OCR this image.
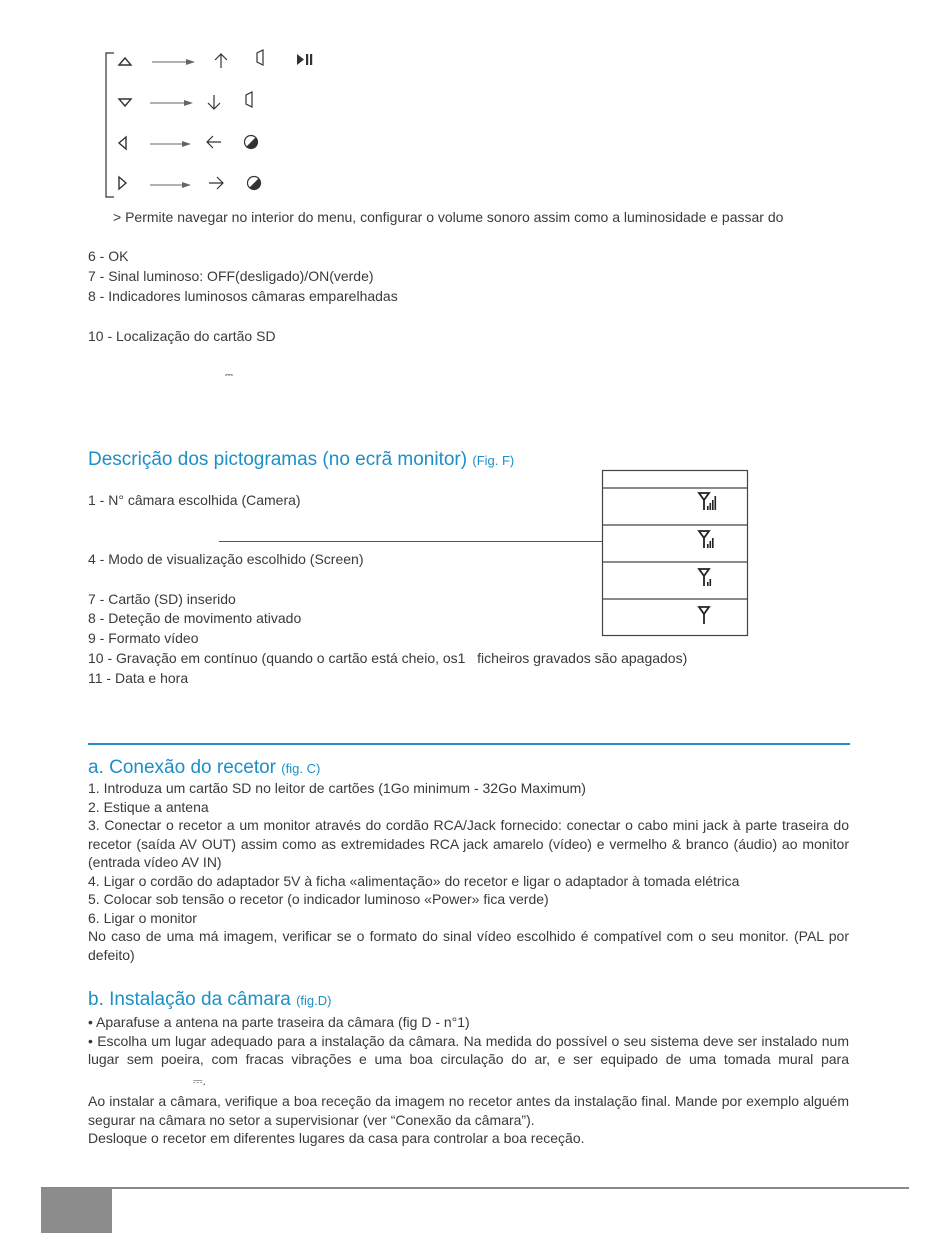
> Permite navegar no interior do menu, configurar o volume sonoro assim como a luminosidade e passar do
6 - OK
7 - Sinal luminoso: OFF(desligado)/ON(verde)
8 - Indicadores luminosos câmaras emparelhadas
10 - Localização do cartão SD
⎓
Descrição dos pictogramas (no ecrã monitor) (Fig. F)
1 - N° câmara escolhida (Camera)
4 - Modo de visualização escolhido (Screen)
7 - Cartão (SD) inserido
8 - Deteção de movimento ativado
9 - Formato vídeo
10 - Gravação em contínuo (quando o cartão está cheio, os1   ficheiros gravados são apagados)
11 - Data e hora
a. Conexão do recetor (fig. C)
1. Introduza um cartão SD no leitor de cartões (1Go minimum - 32Go Maximum)
2. Estique a antena
3. Conectar o recetor a um monitor através do cordão RCA/Jack fornecido: conectar o cabo mini jack à parte traseira do recetor (saída AV OUT) assim como as extremidades RCA jack amarelo (vídeo) e vermelho & branco (áudio) ao monitor (entrada vídeo AV IN)
4. Ligar o cordão do adaptador 5V à ficha «alimentação» do recetor e ligar o adaptador à tomada elétrica
5. Colocar sob tensão o recetor (o indicador luminoso «Power» fica verde)
6. Ligar o monitor
No caso de uma má imagem, verificar se o formato do sinal vídeo escolhido é compatível com o seu monitor. (PAL por defeito)
b. Instalação da câmara (fig.D)
• Aparafuse a antena na parte traseira da câmara (fig D - n°1)
• Escolha um lugar adequado para a instalação da câmara. Na medida do possível o seu sistema deve ser instalado num lugar sem poeira, com fracas vibrações e uma boa circulação do ar, e ser equipado de uma tomada mural para
⎓.
Ao instalar a câmara, verifique a boa receção da imagem no recetor antes da instalação final. Mande por exemplo alguém segurar na câmara no setor a supervisionar (ver “Conexão da câmara”).
Desloque o recetor em diferentes lugares da casa para controlar a boa receção.
